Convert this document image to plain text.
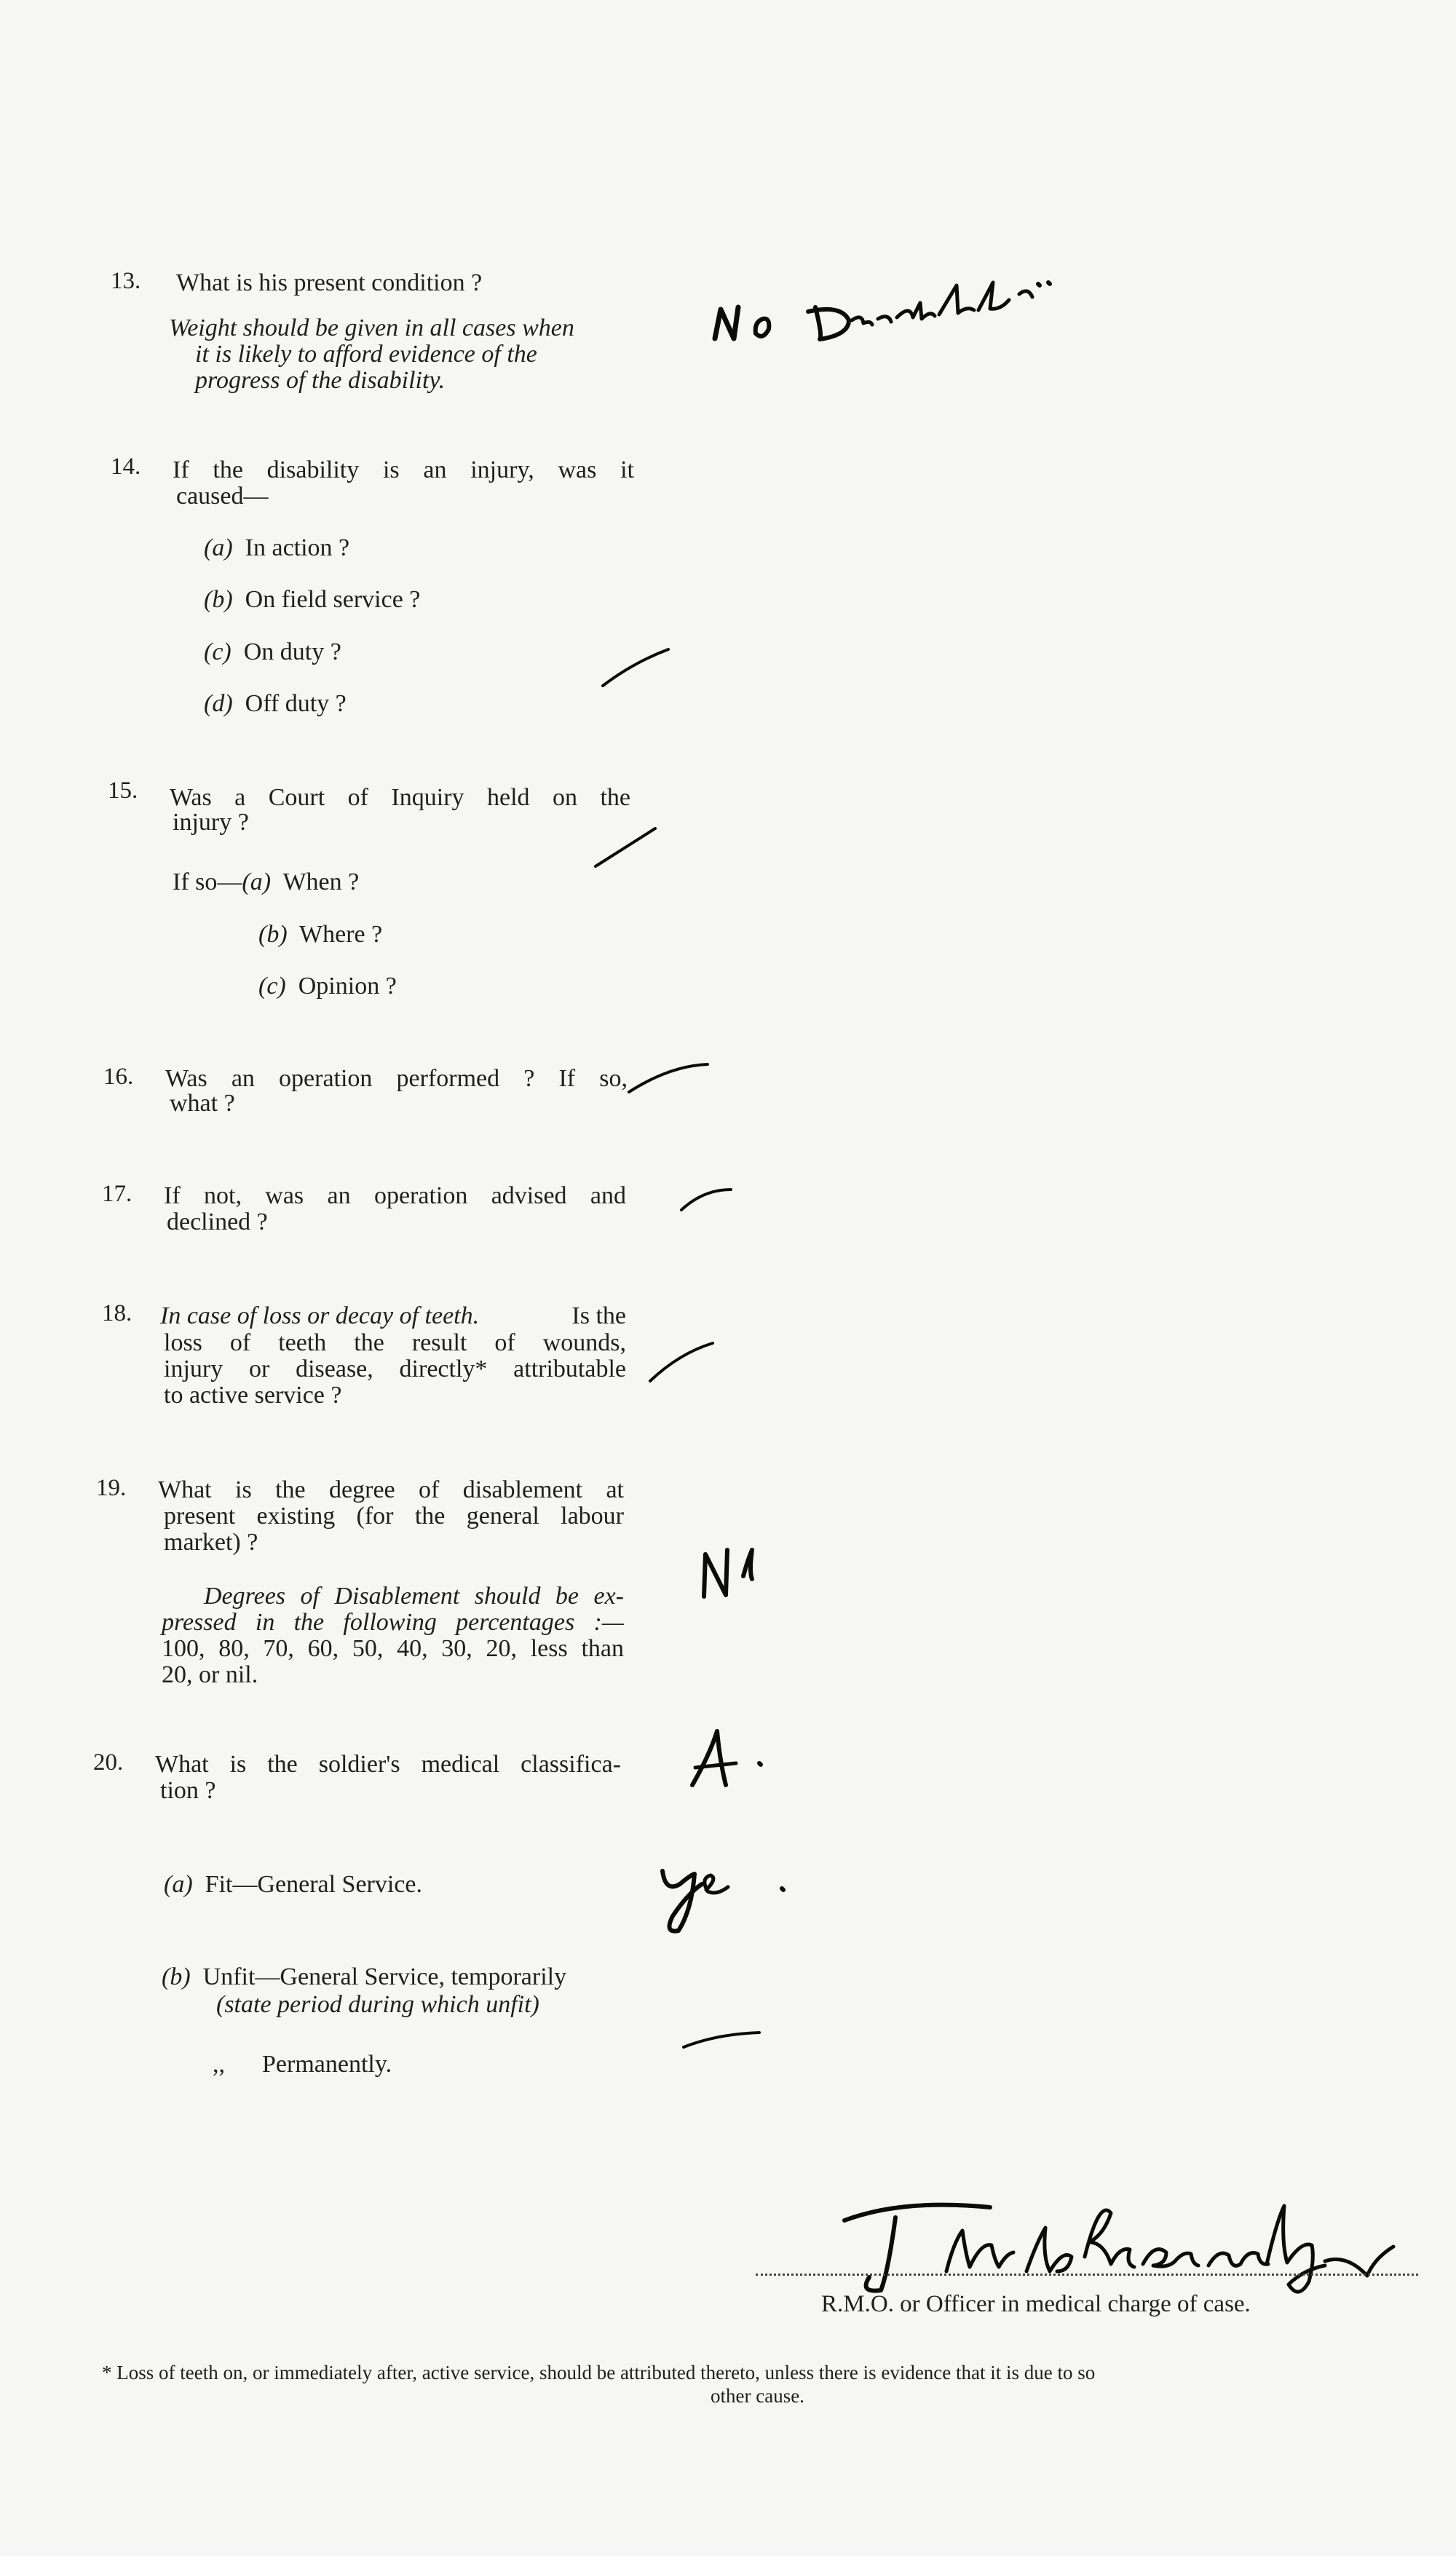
13. What is his present condition ?
Weight should be given in all cases when
it is likely to afford evidence of the
progress of the disability.
14. If the disability is an injury, was it
caused—
(a) In action ?
(b) On field service ?
(c) On duty ?
(d) Off duty ?
15. Was a Court of Inquiry held on the
injury ?
If so—(a) When ?
(b) Where ?
(c) Opinion ?
16. Was an operation performed ? If so,
what ?
17. If not, was an operation advised and
declined ?
18. In case of loss or decay of teeth.	Is the
loss of teeth the result of wounds,
injury or disease, directly* attributable
to active service ?
19. What is the degree of disablement at
present existing (for the general labour
market) ?
Degrees of Disablement should be ex-
pressed in the following percentages :—
100, 80, 70, 60, 50, 40, 30, 20, less than
20, or nil.
20. What is the soldier's medical classifica-
tion ?
(a) Fit—General Service.
(b) Unfit—General Service, temporarily
(state period during which unfit)
,, Permanently.
R.M.O. or Officer in medical charge of case.
* Loss of teeth on, or immediately after, active service, should be attributed thereto, unless there is evidence that it is due to so
other cause.
